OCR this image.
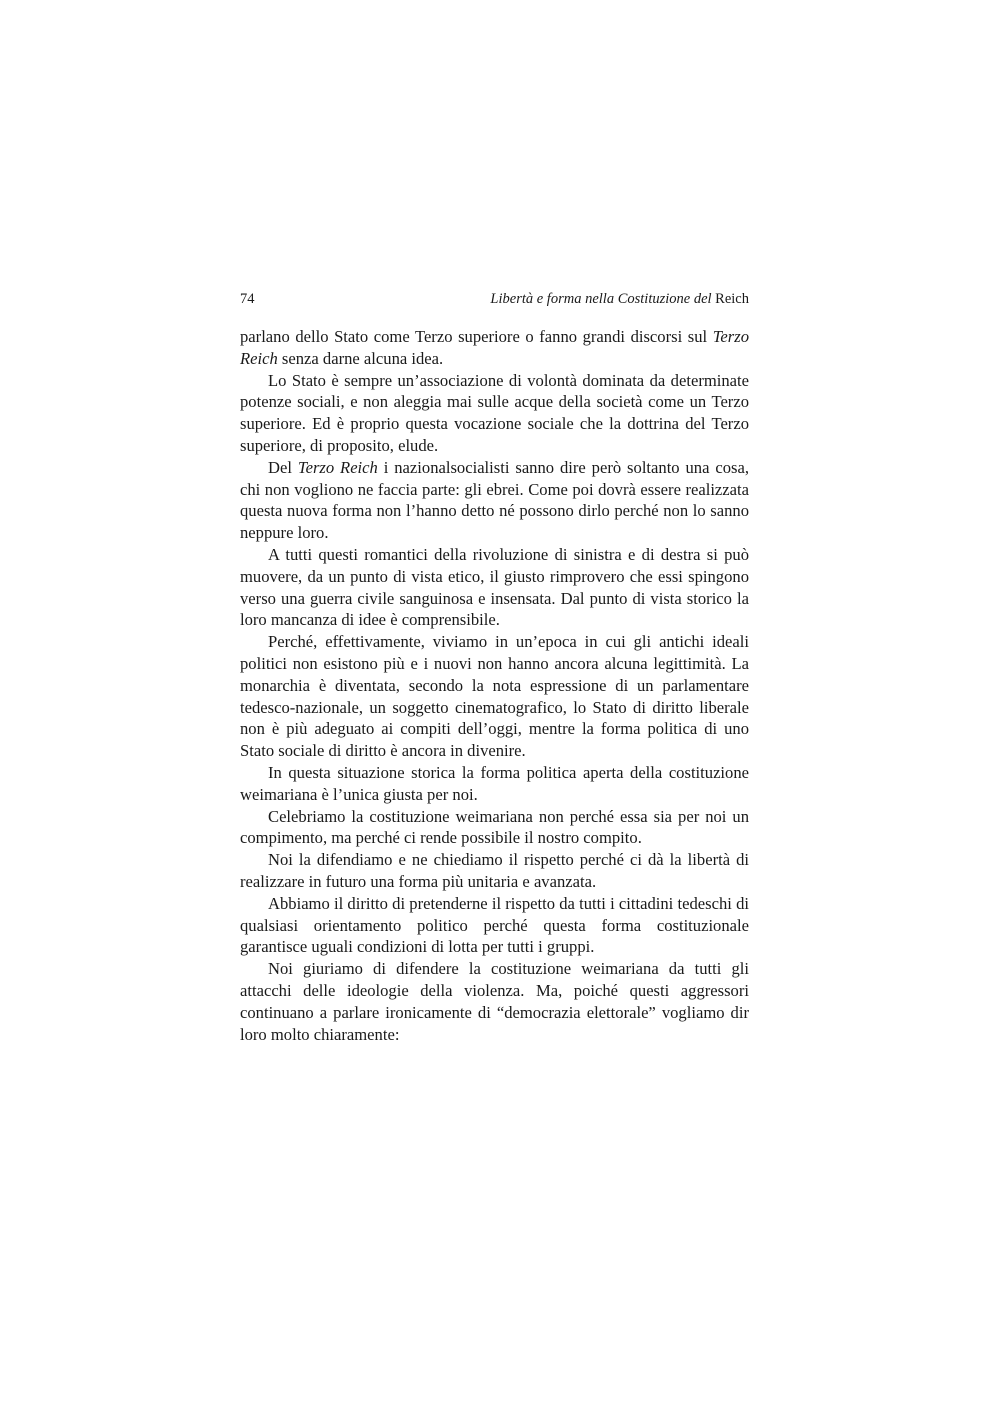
74	Libertà e forma nella Costituzione del Reich

parlano dello Stato come Terzo superiore o fanno grandi discorsi sul Terzo Reich senza darne alcuna idea.

Lo Stato è sempre un’associazione di volontà dominata da determinate potenze sociali, e non aleggia mai sulle acque della società come un Terzo superiore. Ed è proprio questa vocazione sociale che la dottrina del Terzo superiore, di proposito, elude.

Del Terzo Reich i nazionalsocialisti sanno dire però soltanto una cosa, chi non vogliono ne faccia parte: gli ebrei. Come poi dovrà essere realizzata questa nuova forma non l’hanno detto né possono dirlo perché non lo sanno neppure loro.

A tutti questi romantici della rivoluzione di sinistra e di destra si può muovere, da un punto di vista etico, il giusto rimprovero che essi spingono verso una guerra civile sanguinosa e insensata. Dal punto di vista storico la loro mancanza di idee è comprensibile.

Perché, effettivamente, viviamo in un’epoca in cui gli antichi ideali politici non esistono più e i nuovi non hanno ancora alcuna legittimità. La monarchia è diventata, secondo la nota espressione di un parlamentare tedesco-nazionale, un soggetto cinematografico, lo Stato di diritto liberale non è più adeguato ai compiti dell’oggi, mentre la forma politica di uno Stato sociale di diritto è ancora in divenire.

In questa situazione storica la forma politica aperta della costituzione weimariana è l’unica giusta per noi.

Celebriamo la costituzione weimariana non perché essa sia per noi un compimento, ma perché ci rende possibile il nostro compito.

Noi la difendiamo e ne chiediamo il rispetto perché ci dà la libertà di realizzare in futuro una forma più unitaria e avanzata.

Abbiamo il diritto di pretenderne il rispetto da tutti i cittadini tedeschi di qualsiasi orientamento politico perché questa forma costituzionale garantisce uguali condizioni di lotta per tutti i gruppi.

Noi giuriamo di difendere la costituzione weimariana da tutti gli attacchi delle ideologie della violenza. Ma, poiché questi aggressori continuano a parlare ironicamente di “democrazia elettorale” vogliamo dir loro molto chiaramente:
